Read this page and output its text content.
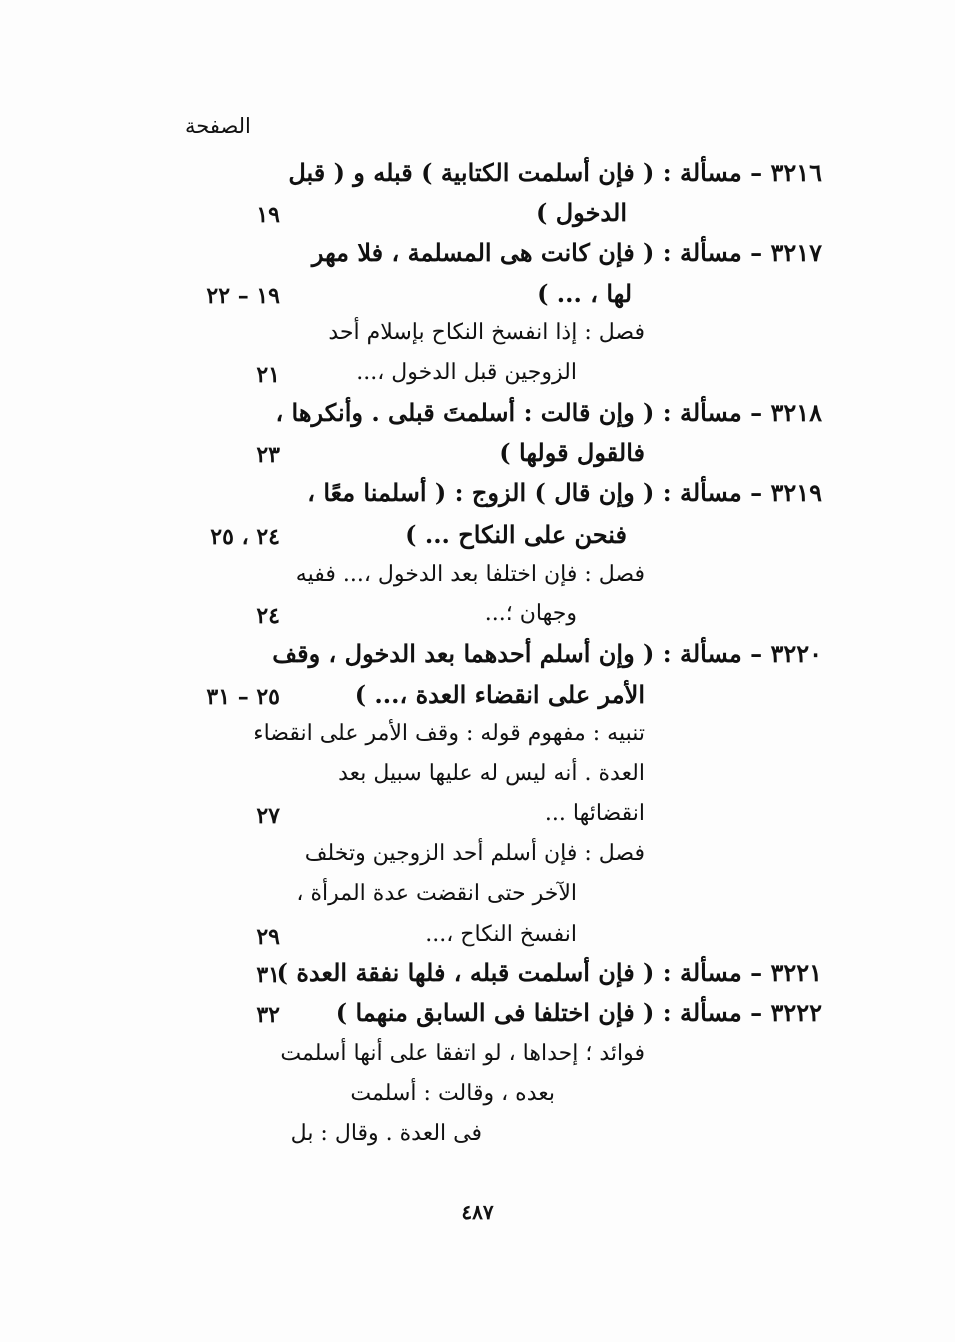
الصفحة
٣٢١٦ – مسألة : ( فإن أسلمت الكتابية ) قبله و ( قبل
الدخول )
١٩
٣٢١٧ – مسألة : ( فإن كانت هى المسلمة ، فلا مهر
لها ، ... )
١٩ – ٢٢
فصل : إذا انفسخ النكاح بإسلام أحد
الزوجين قبل الدخول ،...
٢١
٣٢١٨ – مسألة : ( وإن قالت : أسلمتَ قبلى . وأنكرها ،
فالقول قولها )
٢٣
٣٢١٩ – مسألة : ( وإن قال ) الزوج : ( أسلمنا معًا ،
فنحن على النكاح ... )
٢٤ ، ٢٥
فصل : فإن اختلفا بعد الدخول ،... ففيه
وجهان ؛...
٢٤
٣٢٢٠ – مسألة : ( وإن أسلم أحدهما بعد الدخول ، وقف
الأمر على انقضاء العدة ،... )
٢٥ – ٣١
تنبيه : مفهوم قوله : وقف الأمر على انقضاء
العدة . أنه ليس له عليها سبيل بعد
انقضائها ...
٢٧
فصل : فإن أسلم أحد الزوجين وتخلف
الآخر حتى انقضت عدة المرأة ،
انفسخ النكاح ،...
٢٩
٣٢٢١ – مسألة : ( فإن أسلمت قبله ، فلها نفقة العدة )
٣١
٣٢٢٢ – مسألة : ( فإن اختلفا فى السابق منهما )
٣٢
فوائد ؛ إحداها ، لو اتفقا على أنها أسلمت
بعده ، وقالت : أسلمت
فى العدة . وقال : بل
٤٨٧
